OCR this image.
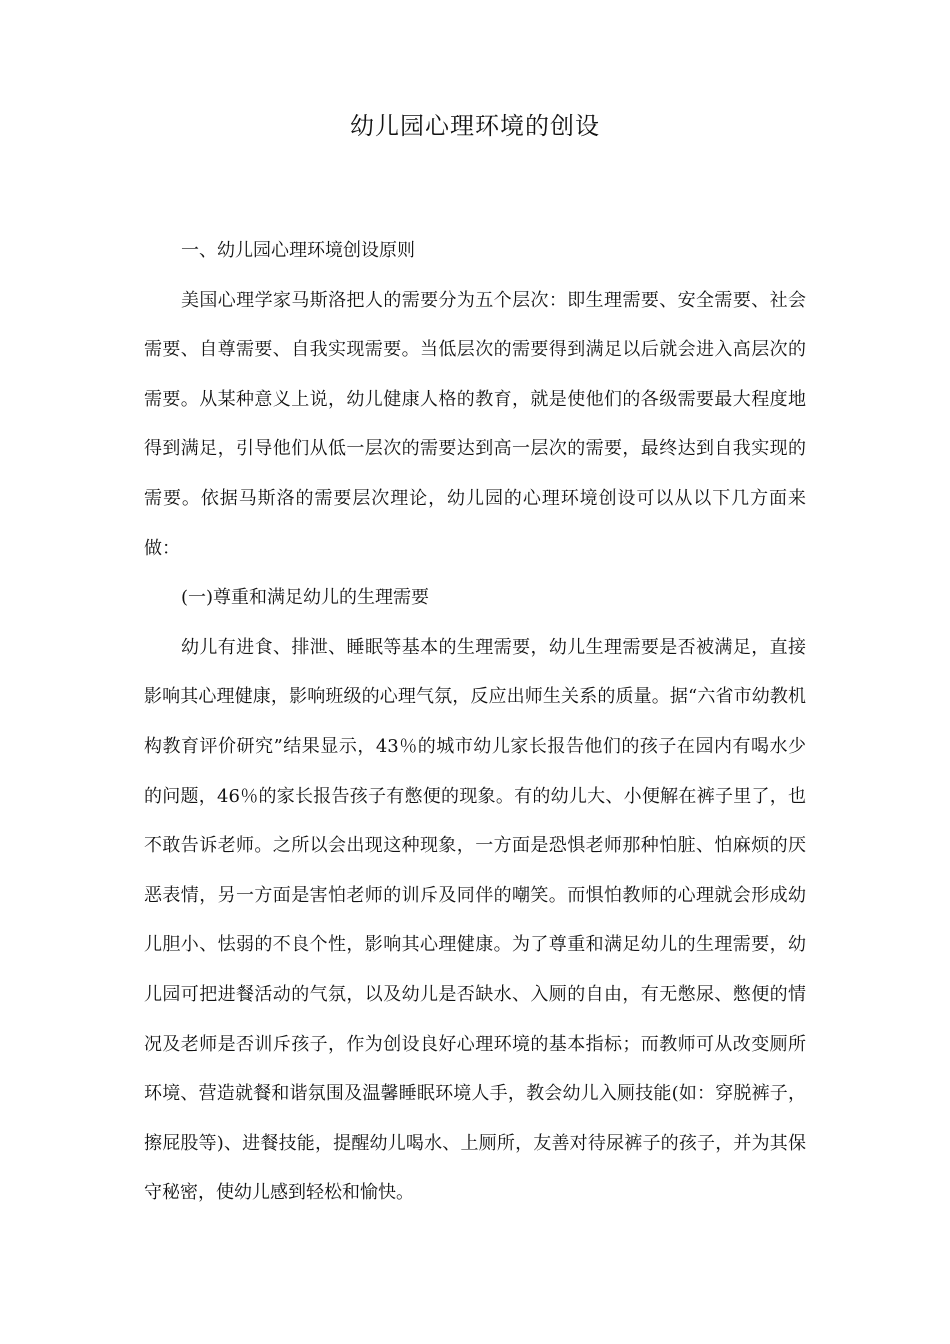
幼儿园心理环境的创设

一、幼儿园心理环境创设原则

美国心理学家马斯洛把人的需要分为五个层次：即生理需要、安全需要、社会需要、自尊需要、自我实现需要。当低层次的需要得到满足以后就会进入高层次的需要。从某种意义上说，幼儿健康人格的教育，就是使他们的各级需要最大程度地得到满足，引导他们从低一层次的需要达到高一层次的需要，最终达到自我实现的需要。依据马斯洛的需要层次理论，幼儿园的心理环境创设可以从以下几方面来做：

(一)尊重和满足幼儿的生理需要

幼儿有进食、排泄、睡眠等基本的生理需要，幼儿生理需要是否被满足，直接影响其心理健康，影响班级的心理气氛，反应出师生关系的质量。据“六省市幼教机构教育评价研究”结果显示，43％的城市幼儿家长报告他们的孩子在园内有喝水少的问题，46％的家长报告孩子有憋便的现象。有的幼儿大、小便解在裤子里了，也不敢告诉老师。之所以会出现这种现象，一方面是恐惧老师那种怕脏、怕麻烦的厌恶表情，另一方面是害怕老师的训斥及同伴的嘲笑。而惧怕教师的心理就会形成幼儿胆小、怯弱的不良个性，影响其心理健康。为了尊重和满足幼儿的生理需要，幼儿园可把进餐活动的气氛，以及幼儿是否缺水、入厕的自由，有无憋尿、憋便的情况及老师是否训斥孩子，作为创设良好心理环境的基本指标；而教师可从改变厕所环境、营造就餐和谐氛围及温馨睡眠环境人手，教会幼儿入厕技能(如：穿脱裤子，擦屁股等)、进餐技能，提醒幼儿喝水、上厕所，友善对待尿裤子的孩子，并为其保守秘密，使幼儿感到轻松和愉快。
